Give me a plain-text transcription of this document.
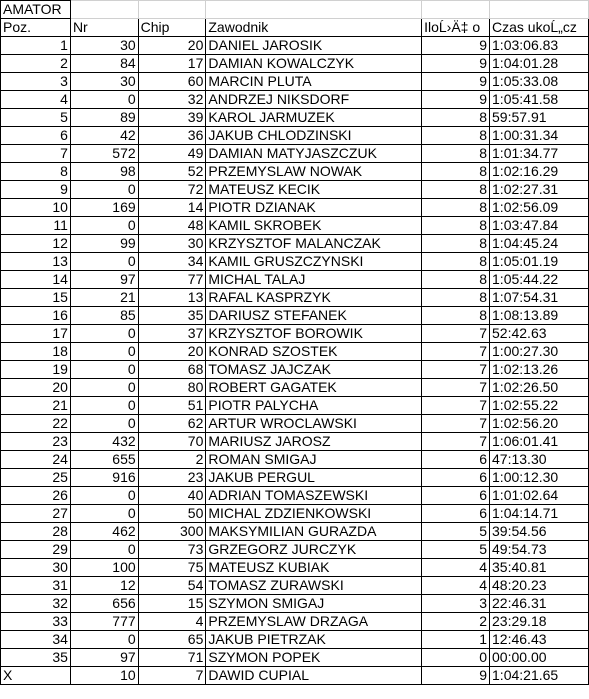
AMATOR					
Poz.	Nr	Chip	Zawodnik	IloĹ›Ä‡ o	Czas ukoĹ„cz
1	30	20	DANIEL JAROSIK	9	1:03:06.83
2	84	17	DAMIAN KOWALCZYK	9	1:04:01.28
3	30	60	MARCIN PLUTA	9	1:05:33.08
4	0	32	ANDRZEJ NIKSDORF	9	1:05:41.58
5	89	39	KAROL JARMUZEK	8	59:57.91
6	42	36	JAKUB CHLODZINSKI	8	1:00:31.34
7	572	49	DAMIAN MATYJASZCZUK	8	1:01:34.77
8	98	52	PRZEMYSLAW NOWAK	8	1:02:16.29
9	0	72	MATEUSZ KECIK	8	1:02:27.31
10	169	14	PIOTR DZIANAK	8	1:02:56.09
11	0	48	KAMIL SKROBEK	8	1:03:47.84
12	99	30	KRZYSZTOF MALANCZAK	8	1:04:45.24
13	0	34	KAMIL GRUSZCZYNSKI	8	1:05:01.19
14	97	77	MICHAL TALAJ	8	1:05:44.22
15	21	13	RAFAL KASPRZYK	8	1:07:54.31
16	85	35	DARIUSZ STEFANEK	8	1:08:13.89
17	0	37	KRZYSZTOF BOROWIK	7	52:42.63
18	0	20	KONRAD SZOSTEK	7	1:00:27.30
19	0	68	TOMASZ JAJCZAK	7	1:02:13.26
20	0	80	ROBERT GAGATEK	7	1:02:26.50
21	0	51	PIOTR PALYCHA	7	1:02:55.22
22	0	62	ARTUR WROCLAWSKI	7	1:02:56.20
23	432	70	MARIUSZ JAROSZ	7	1:06:01.41
24	655	2	ROMAN SMIGAJ	6	47:13.30
25	916	23	JAKUB PERGUL	6	1:00:12.30
26	0	40	ADRIAN TOMASZEWSKI	6	1:01:02.64
27	0	50	MICHAL ZDZIENKOWSKI	6	1:04:14.71
28	462	300	MAKSYMILIAN GURAZDA	5	39:54.56
29	0	73	GRZEGORZ JURCZYK	5	49:54.73
30	100	75	MATEUSZ KUBIAK	4	35:40.81
31	12	54	TOMASZ ZURAWSKI	4	48:20.23
32	656	15	SZYMON SMIGAJ	3	22:46.31
33	777	4	PRZEMYSLAW DRZAGA	2	23:29.18
34	0	65	JAKUB PIETRZAK	1	12:46.43
35	97	71	SZYMON POPEK	0	00:00.00
X	10	7	DAWID CUPIAL	9	1:04:21.65
